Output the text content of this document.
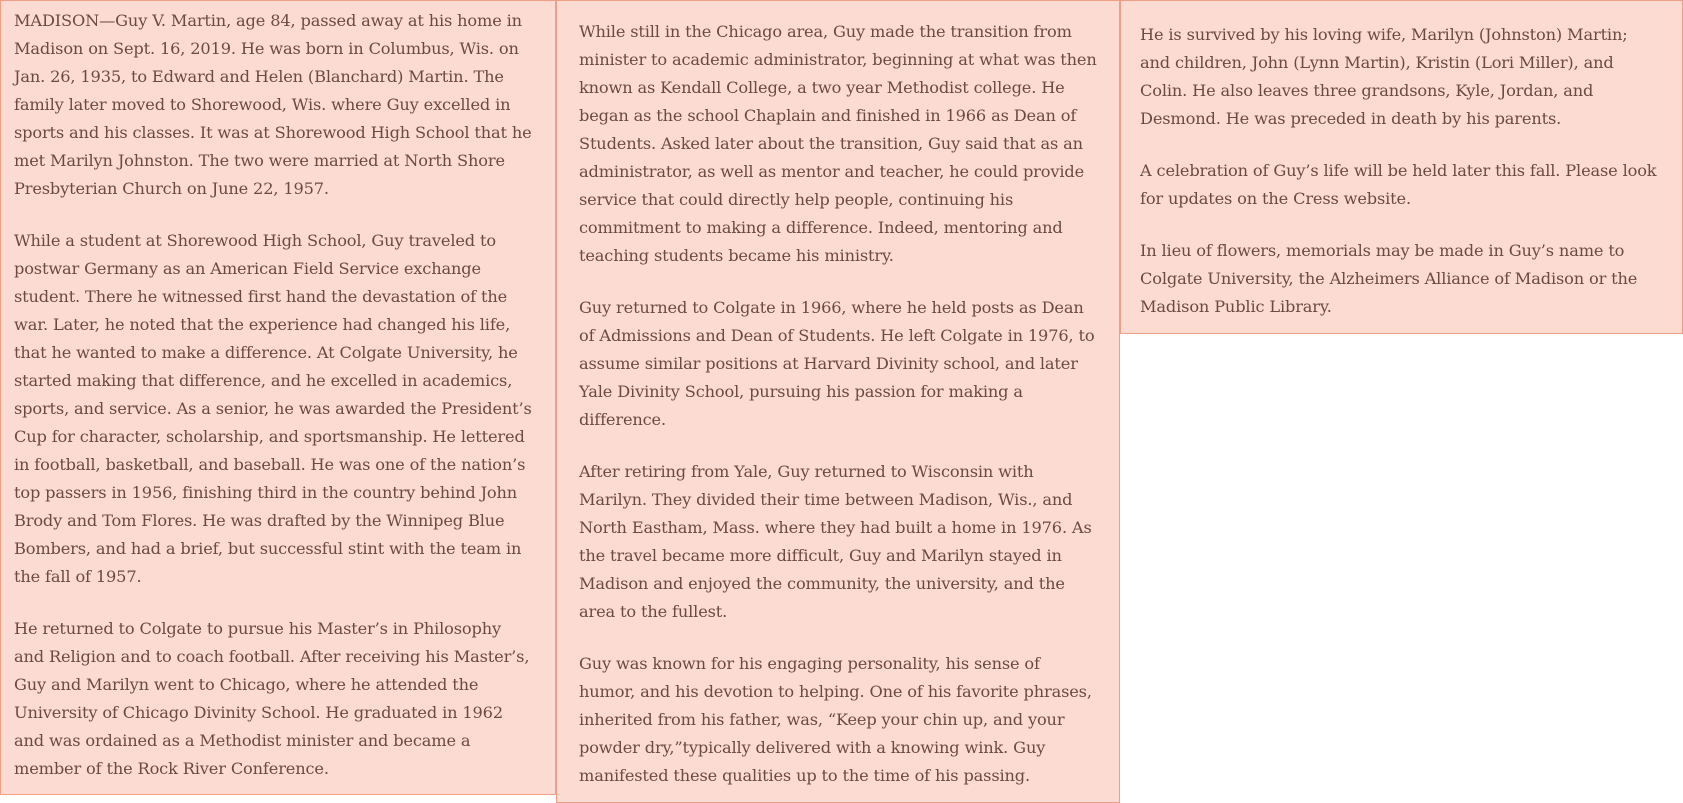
MADISON—Guy V. Martin, age 84, passed away at his home in Madison on Sept. 16, 2019. He was born in Columbus, Wis. on Jan. 26, 1935, to Edward and Helen (Blanchard) Martin. The family later moved to Shorewood, Wis. where Guy excelled in sports and his classes. It was at Shorewood High School that he met Marilyn Johnston. The two were married at North Shore Presbyterian Church on June 22, 1957.

While a student at Shorewood High School, Guy traveled to postwar Germany as an American Field Service exchange student. There he witnessed first hand the devastation of the war. Later, he noted that the experience had changed his life, that he wanted to make a difference. At Colgate University, he started making that difference, and he excelled in academics, sports, and service. As a senior, he was awarded the President’s Cup for character, scholarship, and sportsmanship. He lettered in football, basketball, and baseball. He was one of the nation’s top passers in 1956, finishing third in the country behind John Brody and Tom Flores. He was drafted by the Winnipeg Blue Bombers, and had a brief, but successful stint with the team in the fall of 1957.

He returned to Colgate to pursue his Master’s in Philosophy and Religion and to coach football. After receiving his Master’s, Guy and Marilyn went to Chicago, where he attended the University of Chicago Divinity School. He graduated in 1962 and was ordained as a Methodist minister and became a member of the Rock River Conference.

While still in the Chicago area, Guy made the transition from minister to academic administrator, beginning at what was then known as Kendall College, a two year Methodist college. He began as the school Chaplain and finished in 1966 as Dean of Students. Asked later about the transition, Guy said that as an administrator, as well as mentor and teacher, he could provide service that could directly help people, continuing his commitment to making a difference. Indeed, mentoring and teaching students became his ministry.

Guy returned to Colgate in 1966, where he held posts as Dean of Admissions and Dean of Students. He left Colgate in 1976, to assume similar positions at Harvard Divinity school, and later Yale Divinity School, pursuing his passion for making a difference.

After retiring from Yale, Guy returned to Wisconsin with Marilyn. They divided their time between Madison, Wis., and North Eastham, Mass. where they had built a home in 1976. As the travel became more difficult, Guy and Marilyn stayed in Madison and enjoyed the community, the university, and the area to the fullest.

Guy was known for his engaging personality, his sense of humor, and his devotion to helping. One of his favorite phrases, inherited from his father, was, “Keep your chin up, and your powder dry,”typically delivered with a knowing wink. Guy manifested these qualities up to the time of his passing.

He is survived by his loving wife, Marilyn (Johnston) Martin; and children, John (Lynn Martin), Kristin (Lori Miller), and Colin. He also leaves three grandsons, Kyle, Jordan, and Desmond. He was preceded in death by his parents.

A celebration of Guy’s life will be held later this fall. Please look for updates on the Cress website.

In lieu of flowers, memorials may be made in Guy’s name to Colgate University, the Alzheimers Alliance of Madison or the Madison Public Library.
